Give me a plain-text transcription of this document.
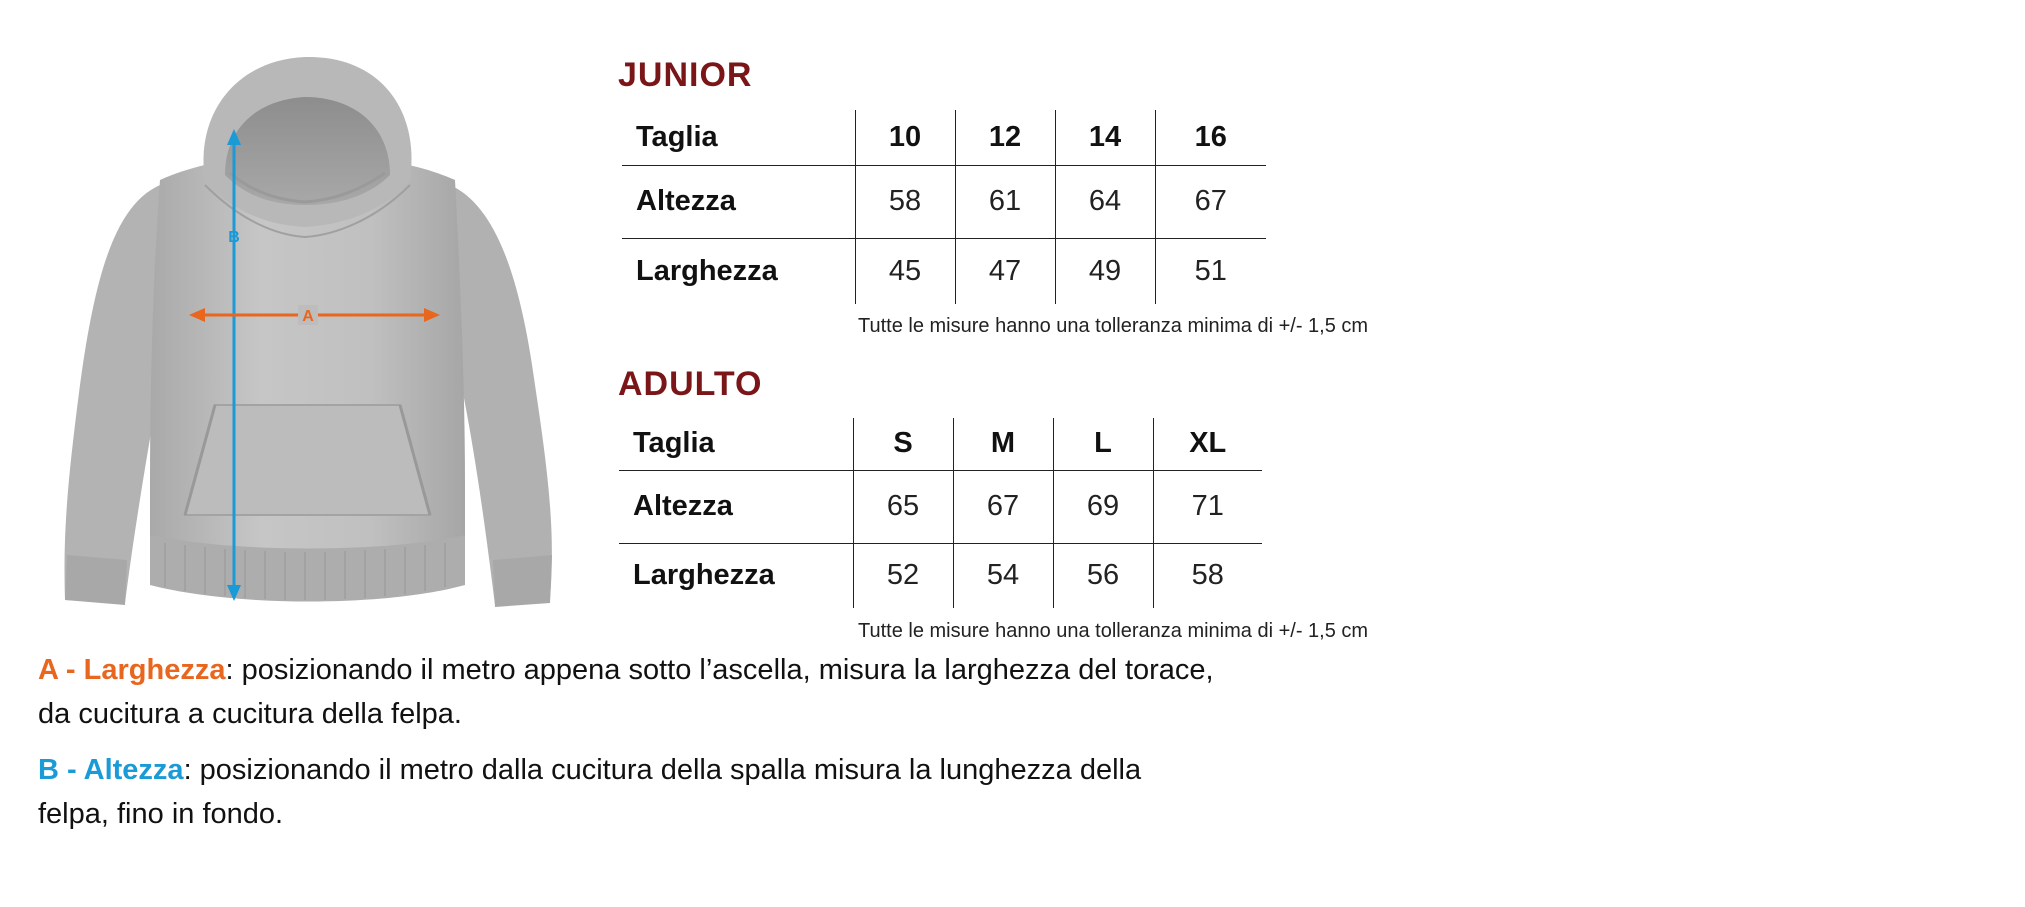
B
A
JUNIOR
Taglia	10	12	14	16
Altezza	58	61	64	67
Larghezza	45	47	49	51

Tutte le misure hanno una tolleranza minima di +/- 1,5 cm

ADULTO
Taglia	S	M	L	XL
Altezza	65	67	69	71
Larghezza	52	54	56	58

Tutte le misure hanno una tolleranza minima di +/- 1,5 cm

A - Larghezza: posizionando il metro appena sotto l’ascella, misura la larghezza del torace,
da cucitura a cucitura della felpa.

B - Altezza: posizionando il metro dalla cucitura della spalla misura la lunghezza della
felpa, fino in fondo.
